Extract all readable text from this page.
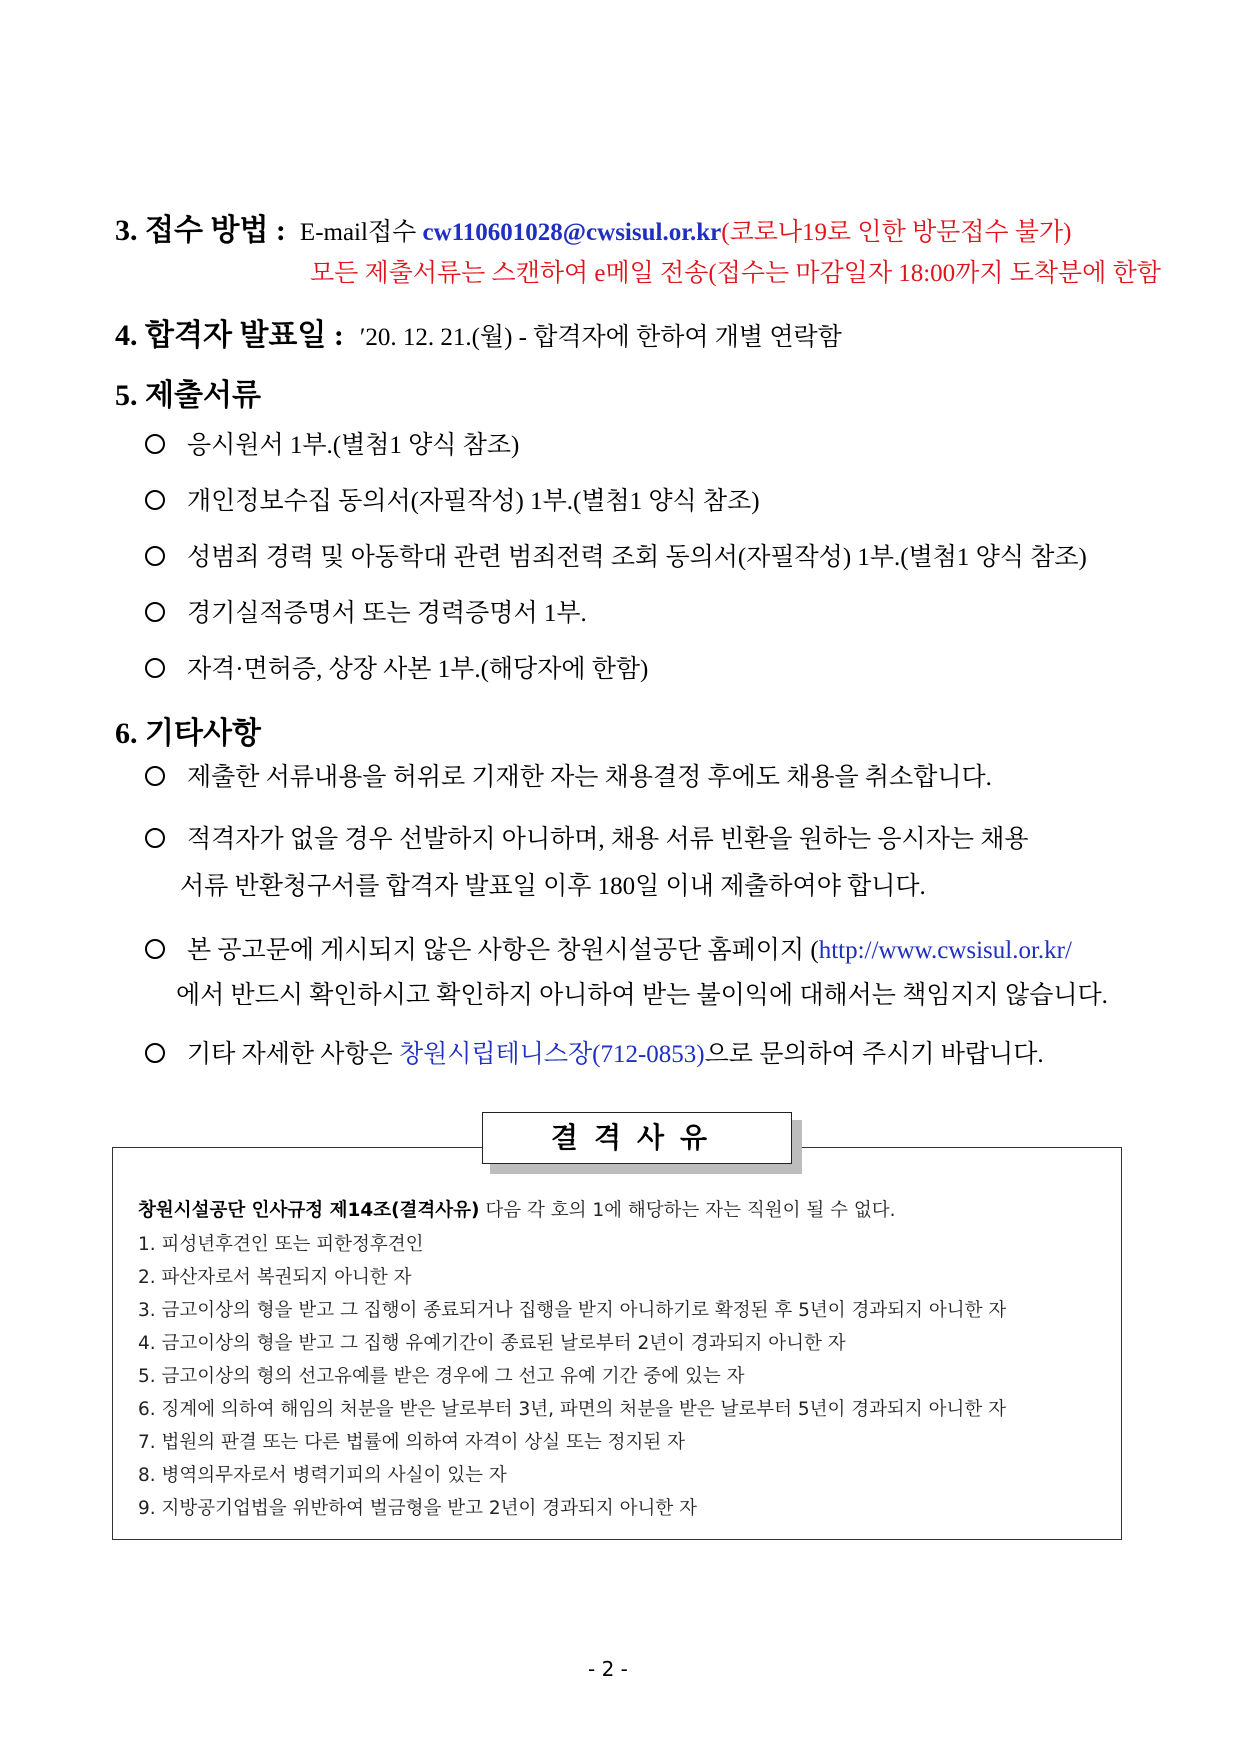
3. 접수 방법 : E-mail접수 cw110601028@cwsisul.or.kr(코로나19로 인한 방문접수 불가)
모든 제출서류는 스캔하여 e메일 전송(접수는 마감일자 18:00까지 도착분에 한함
4. 합격자 발표일 : ′20. 12. 21.(월) - 합격자에 한하여 개별 연락함
5. 제출서류
응시원서 1부.(별첨1 양식 참조)
개인정보수집 동의서(자필작성) 1부.(별첨1 양식 참조)
성범죄 경력 및 아동학대 관련 범죄전력 조회 동의서(자필작성) 1부.(별첨1 양식 참조)
경기실적증명서 또는 경력증명서 1부.
자격·면허증, 상장 사본 1부.(해당자에 한함)
6. 기타사항
제출한 서류내용을 허위로 기재한 자는 채용결정 후에도 채용을 취소합니다.
적격자가 없을 경우 선발하지 아니하며, 채용 서류 빈환을 원하는 응시자는 채용
서류 반환청구서를 합격자 발표일 이후 180일 이내 제출하여야 합니다.
본 공고문에 게시되지 않은 사항은 창원시설공단 홈페이지 (http://www.cwsisul.or.kr/
에서 반드시 확인하시고 확인하지 아니하여 받는 불이익에 대해서는 책임지지 않습니다.
기타 자세한 사항은 창원시립테니스장(712-0853)으로 문의하여 주시기 바랍니다.
결격사유
창원시설공단 인사규정 제14조(결격사유) 다음 각 호의 1에 해당하는 자는 직원이 될 수 없다.
1. 피성년후견인 또는 피한정후견인
2. 파산자로서 복권되지 아니한 자
3. 금고이상의 형을 받고 그 집행이 종료되거나 집행을 받지 아니하기로 확정된 후 5년이 경과되지 아니한 자
4. 금고이상의 형을 받고 그 집행 유예기간이 종료된 날로부터 2년이 경과되지 아니한 자
5. 금고이상의 형의 선고유예를 받은 경우에 그 선고 유예 기간 중에 있는 자
6. 징계에 의하여 해임의 처분을 받은 날로부터 3년, 파면의 처분을 받은 날로부터 5년이 경과되지 아니한 자
7. 법원의 판결 또는 다른 법률에 의하여 자격이 상실 또는 정지된 자
8. 병역의무자로서 병력기피의 사실이 있는 자
9. 지방공기업법을 위반하여 벌금형을 받고 2년이 경과되지 아니한 자
- 2 -
